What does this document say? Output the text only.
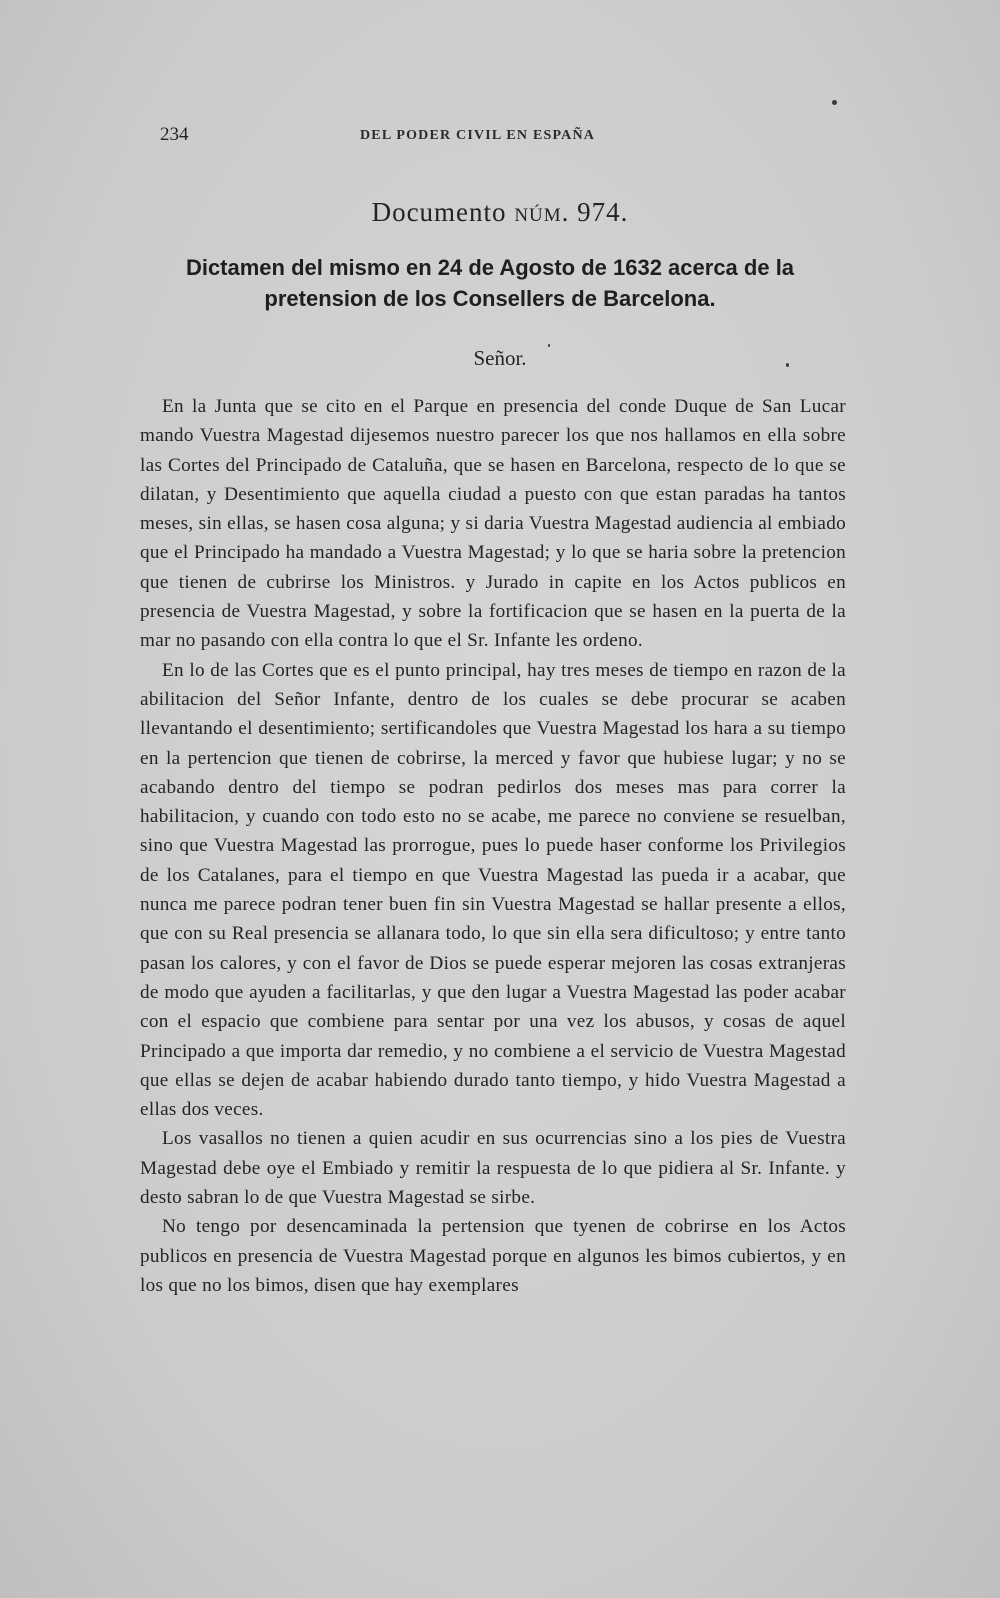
234	DEL PODER CIVIL EN ESPAÑA
Documento núm. 974.
Dictamen del mismo en 24 de Agosto de 1632 acerca de la pretension de los Consellers de Barcelona.
Señor.

En la Junta que se cito en el Parque en presencia del conde Duque de San Lucar mando Vuestra Magestad dijesemos nuestro parecer los que nos hallamos en ella sobre las Cortes del Principado de Cataluña, que se hasen en Barcelona, respecto de lo que se dilatan, y Desentimiento que aquella ciudad a puesto con que estan paradas ha tantos meses, sin ellas, se hasen cosa alguna; y si daria Vuestra Magestad audiencia al embiado que el Principado ha mandado a Vuestra Magestad; y lo que se haria sobre la pretencion que tienen de cubrirse los Ministros. y Jurado in capite en los Actos publicos en presencia de Vuestra Magestad, y sobre la fortificacion que se hasen en la puerta de la mar no pasando con ella contra lo que el Sr. Infante les ordeno.

En lo de las Cortes que es el punto principal, hay tres meses de tiempo en razon de la abilitacion del Señor Infante, dentro de los cuales se debe procurar se acaben llevantando el desentimiento; sertificandoles que Vuestra Magestad los hara a su tiempo en la pertencion que tienen de cobrirse, la merced y favor que hubiese lugar; y no se acabando dentro del tiempo se podran pedirlos dos meses mas para correr la habilitacion, y cuando con todo esto no se acabe, me parece no conviene se resuelban, sino que Vuestra Magestad las prorrogue, pues lo puede haser conforme los Privilegios de los Catalanes, para el tiempo en que Vuestra Magestad las pueda ir a acabar, que nunca me parece podran tener buen fin sin Vuestra Magestad se hallar presente a ellos, que con su Real presencia se allanara todo, lo que sin ella sera dificultoso; y entre tanto pasan los calores, y con el favor de Dios se puede esperar mejoren las cosas extranjeras de modo que ayuden a facilitarlas, y que den lugar a Vuestra Magestad las poder acabar con el espacio que combiene para sentar por una vez los abusos, y cosas de aquel Principado a que importa dar remedio, y no combiene a el servicio de Vuestra Magestad que ellas se dejen de acabar habiendo durado tanto tiempo, y hido Vuestra Magestad a ellas dos veces.

Los vasallos no tienen a quien acudir en sus ocurrencias sino a los pies de Vuestra Magestad debe oye el Embiado y remitir la respuesta de lo que pidiera al Sr. Infante. y desto sabran lo de que Vuestra Magestad se sirbe.

No tengo por desencaminada la pertension que tyenen de cobrirse en los Actos publicos en presencia de Vuestra Magestad porque en algunos les bimos cubiertos, y en los que no los bimos, disen que hay exemplares
